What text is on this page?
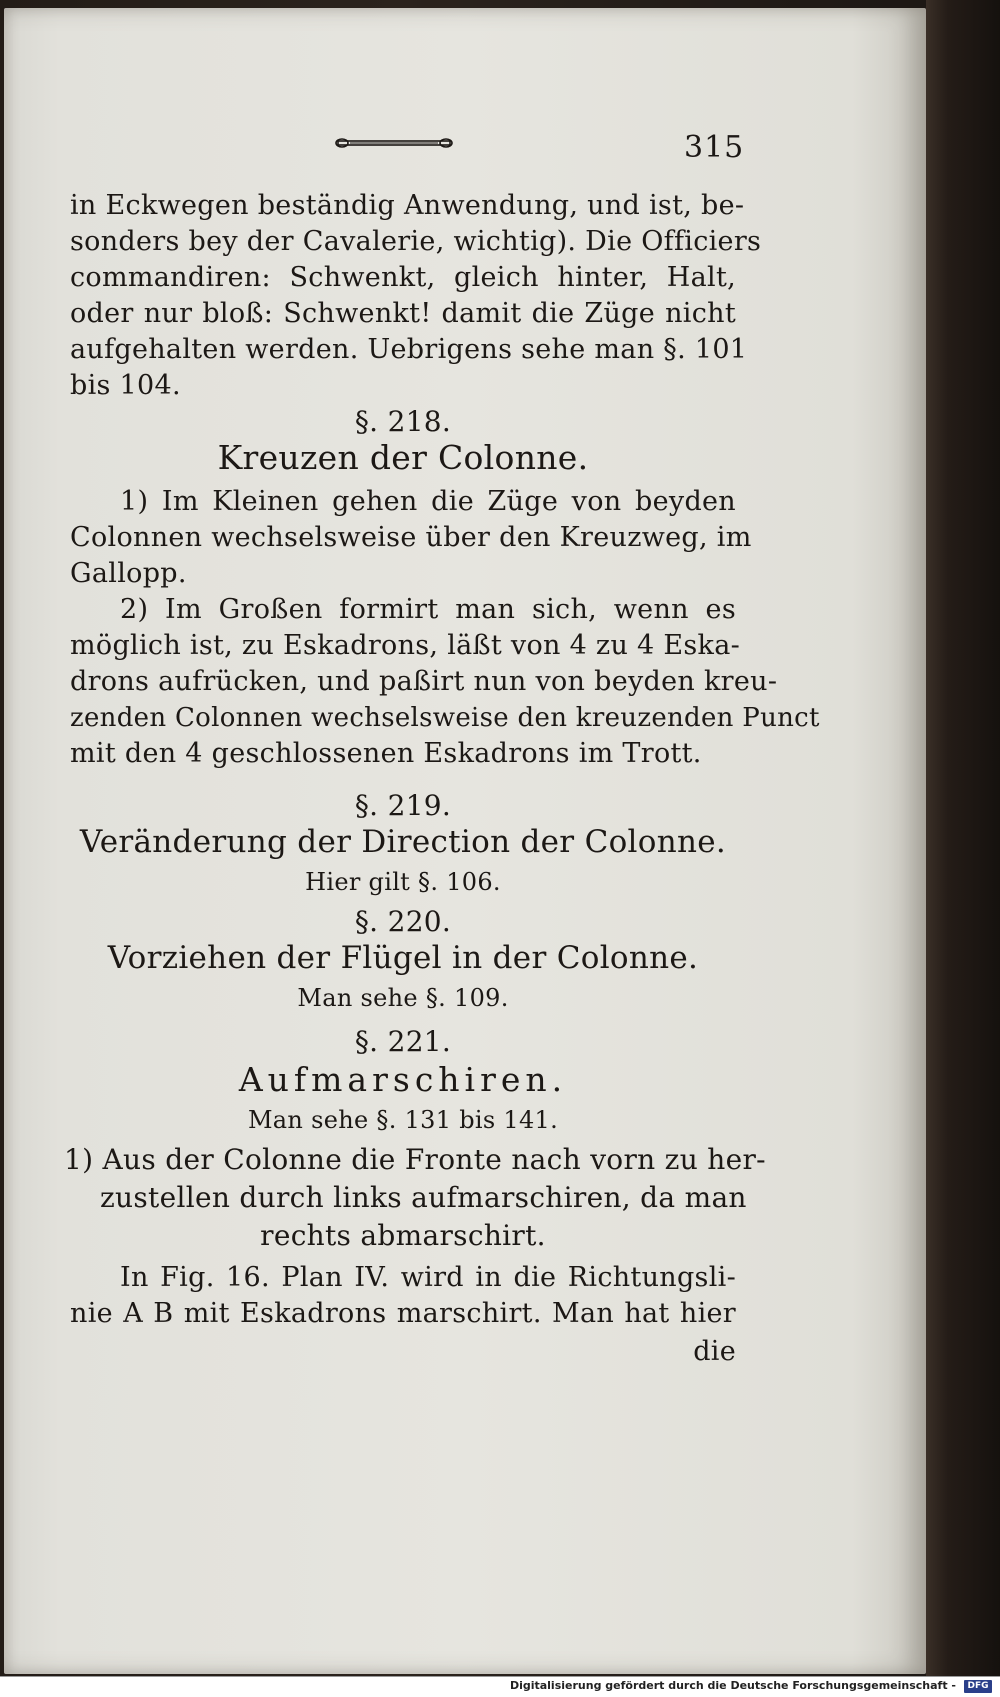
315
in Eckwegen beständig Anwendung, und ist, be-
sonders bey der Cavalerie, wichtig). Die Officiers
commandiren: Schwenkt, gleich hinter, Halt,
oder nur bloß: Schwenkt! damit die Züge nicht
aufgehalten werden. Uebrigens sehe man §. 101
bis 104.
§. 218.
Kreuzen der Colonne.
1) Im Kleinen gehen die Züge von beyden
Colonnen wechselsweise über den Kreuzweg, im
Gallopp.
2) Im Großen formirt man sich, wenn es
möglich ist, zu Eskadrons, läßt von 4 zu 4 Eska-
drons aufrücken, und paßirt nun von beyden kreu-
zenden Colonnen wechselsweise den kreuzenden Punct
mit den 4 geschlossenen Eskadrons im Trott.
§. 219.
Veränderung der Direction der Colonne.
Hier gilt §. 106.
§. 220.
Vorziehen der Flügel in der Colonne.
Man sehe §. 109.
§. 221.
Aufmarschiren.
Man sehe §. 131 bis 141.
1) Aus der Colonne die Fronte nach vorn zu her-
zustellen durch links aufmarschiren, da man
rechts abmarschirt.
In Fig. 16. Plan IV. wird in die Richtungsli-
nie A B mit Eskadrons marschirt. Man hat hier
die
Digitalisierung gefördert durch die Deutsche Forschungsgemeinschaft -	DFG
